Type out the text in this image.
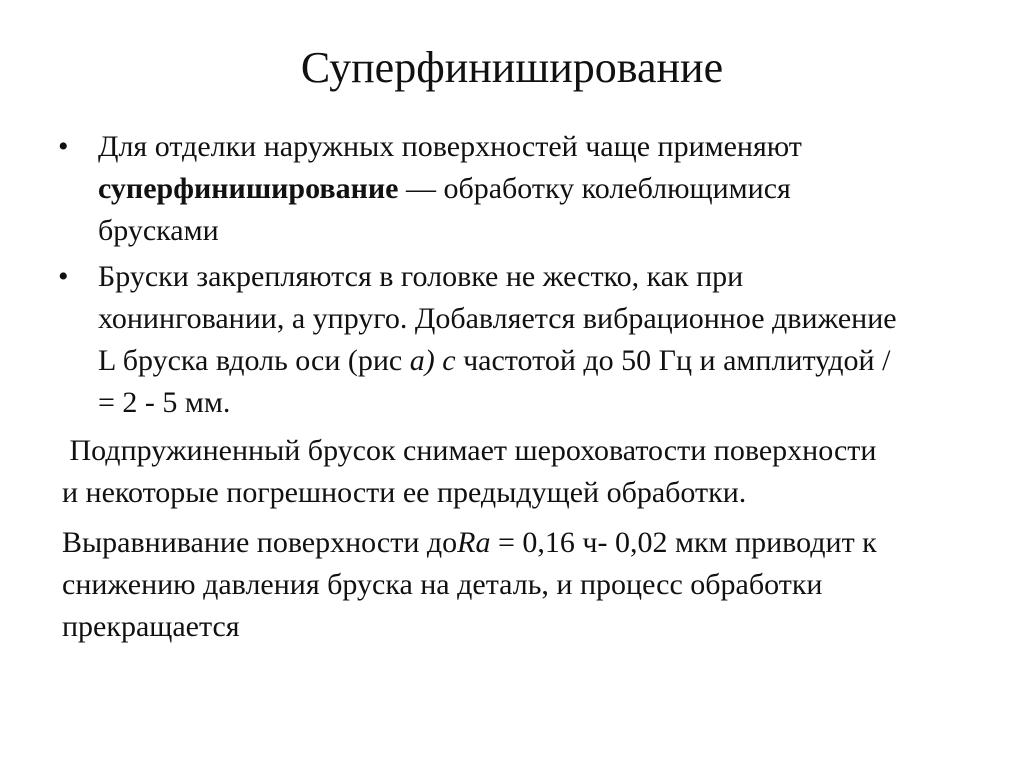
Суперфиниширование
• Для отделки наружных поверхностей чаще применяют
суперфиниширование — обработку колеблющимися
брусками
• Бруски закрепляются в головке не жестко, как при
хонинговании, а упруго. Добавляется вибрационное движение
L бруска вдоль оси (рис а) с частотой до 50 Гц и амплитудой /
= 2 - 5 мм.
Подпружиненный брусок снимает шероховатости поверхности
и некоторые погрешности ее предыдущей обработки.
Выравнивание поверхности доRa = 0,16 ч- 0,02 мкм приводит к
снижению давления бруска на деталь, и процесс обработки
прекращается
